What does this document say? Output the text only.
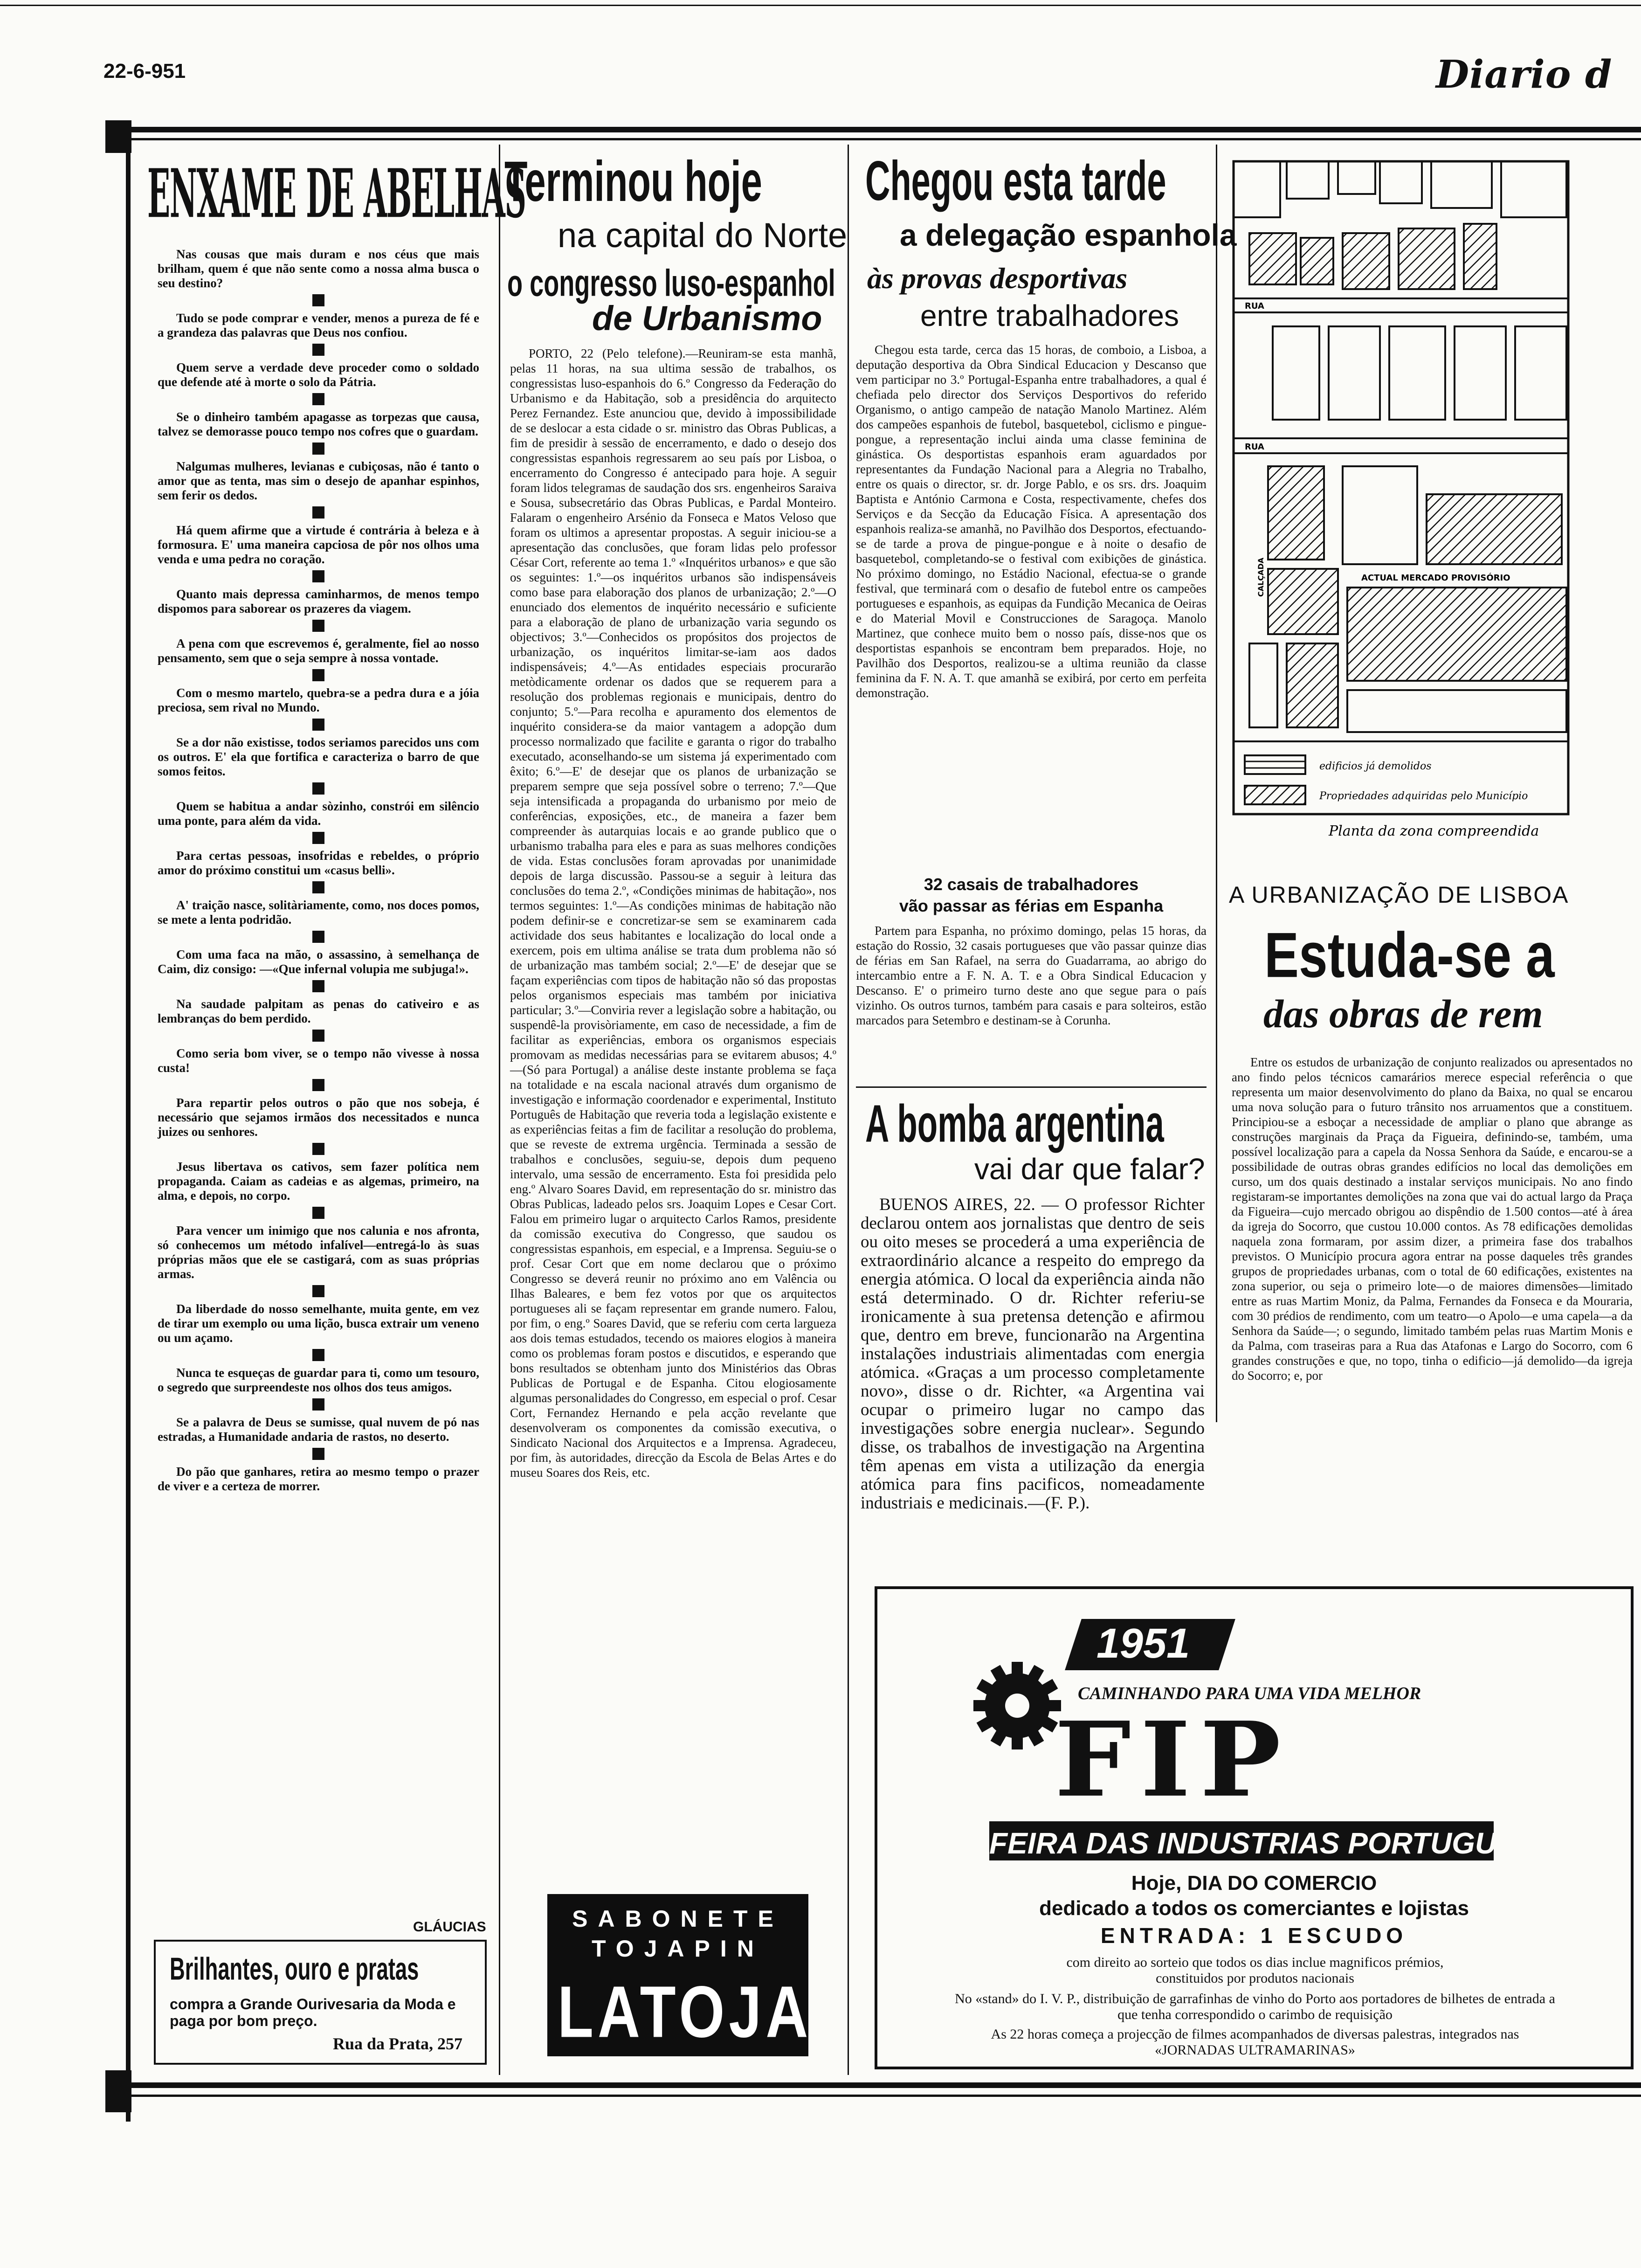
22-6-951	Diario d
ENXAME DE ABELHAS

Nas cousas que mais duram e nos céus que mais brilham, quem é que não sente como a nossa alma busca o seu destino?

Tudo se pode comprar e vender, menos a pureza de fé e a grandeza das palavras que Deus nos confiou.

Quem serve a verdade deve proceder como o soldado que defende até à morte o solo da Pátria.

Se o dinheiro também apagasse as torpezas que causa, talvez se demorasse pouco tempo nos cofres que o guardam.

Nalgumas mulheres, levianas e cubiçosas, não é tanto o amor que as tenta, mas sim o desejo de apanhar espinhos, sem ferir os dedos.

Há quem afirme que a virtude é contrária à beleza e à formosura. E' uma maneira capciosa de pôr nos olhos uma venda e uma pedra no coração.

Quanto mais depressa caminharmos, de menos tempo dispomos para saborear os prazeres da viagem.

A pena com que escrevemos é, geralmente, fiel ao nosso pensamento, sem que o seja sempre à nossa vontade.

Com o mesmo martelo, quebra-se a pedra dura e a jóia preciosa, sem rival no Mundo.

Se a dor não existisse, todos seriamos parecidos uns com os outros. E' ela que fortifica e caracteriza o barro de que somos feitos.

Quem se habitua a andar sòzinho, constrói em silêncio uma ponte, para além da vida.

Para certas pessoas, insofridas e rebeldes, o próprio amor do próximo constitui um «casus belli».

A' traição nasce, solitàriamente, como, nos doces pomos, se mete a lenta podridão.

Com uma faca na mão, o assassino, à semelhança de Caim, diz consigo: —«Que infernal volupia me subjuga!».

Na saudade palpitam as penas do cativeiro e as lembranças do bem perdido.

Como seria bom viver, se o tempo não vivesse à nossa custa!

Para repartir pelos outros o pão que nos sobeja, é necessário que sejamos irmãos dos necessitados e nunca juizes ou senhores.

Jesus libertava os cativos, sem fazer política nem propaganda. Caiam as cadeias e as algemas, primeiro, na alma, e depois, no corpo.

Para vencer um inimigo que nos calunia e nos afronta, só conhecemos um método infalível—entregá-lo às suas próprias mãos que ele se castigará, com as suas próprias armas.

Da liberdade do nosso semelhante, muita gente, em vez de tirar um exemplo ou uma lição, busca extrair um veneno ou um açamo.

Nunca te esqueças de guardar para ti, como um tesouro, o segredo que surpreendeste nos olhos dos teus amigos.

Se a palavra de Deus se sumisse, qual nuvem de pó nas estradas, a Humanidade andaria de rastos, no deserto.

Do pão que ganhares, retira ao mesmo tempo o prazer de viver e a certeza de morrer.

GLÁUCIAS
Brilhantes, ouro e pratas
compra a Grande Ourivesaria da Moda e paga por bom preço.
Rua da Prata, 257
Terminou hoje
na capital do Norte
o congresso luso-espanhol
de Urbanismo

PORTO, 22 (Pelo telefone).—Reuniram-se esta manhã, pelas 11 horas, na sua ultima sessão de trabalhos, os congressistas luso-espanhois do 6.º Congresso da Federação do Urbanismo e da Habitação, sob a presidência do arquitecto Perez Fernandez. Este anunciou que, devido à impossibilidade de se deslocar a esta cidade o sr. ministro das Obras Publicas, a fim de presidir à sessão de encerramento, e dado o desejo dos congressistas espanhois regressarem ao seu país por Lisboa, o encerramento do Congresso é antecipado para hoje. A seguir foram lidos telegramas de saudação dos srs. engenheiros Saraiva e Sousa, subsecretário das Obras Publicas, e Pardal Monteiro. Falaram o engenheiro Arsénio da Fonseca e Matos Veloso que foram os ultimos a apresentar propostas. A seguir iniciou-se a apresentação das conclusões, que foram lidas pelo professor César Cort, referente ao tema 1.º «Inquéritos urbanos» e que são os seguintes: 1.º—os inquéritos urbanos são indispensáveis como base para elaboração dos planos de urbanização; 2.º—O enunciado dos elementos de inquérito necessário e suficiente para a elaboração de plano de urbanização varia segundo os objectivos; 3.º—Conhecidos os propósitos dos projectos de urbanização, os inquéritos limitar-se-iam aos dados indispensáveis; 4.º—As entidades especiais procurarão metòdicamente ordenar os dados que se requerem para a resolução dos problemas regionais e municipais, dentro do conjunto; 5.º—Para recolha e apuramento dos elementos de inquérito considera-se da maior vantagem a adopção dum processo normalizado que facilite e garanta o rigor do trabalho executado, aconselhando-se um sistema já experimentado com êxito; 6.º—E' de desejar que os planos de urbanização se preparem sempre que seja possível sobre o terreno; 7.º—Que seja intensificada a propaganda do urbanismo por meio de conferências, exposições, etc., de maneira a fazer bem compreender às autarquias locais e ao grande publico que o urbanismo trabalha para eles e para as suas melhores condições de vida. Estas conclusões foram aprovadas por unanimidade depois de larga discussão. Passou-se a seguir à leitura das conclusões do tema 2.º, «Condições minimas de habitação», nos termos seguintes: 1.º—As condições minimas de habitação não podem definir-se e concretizar-se sem se examinarem cada actividade dos seus habitantes e localização do local onde a exercem, pois em ultima análise se trata dum problema não só de urbanização mas também social; 2.º—E' de desejar que se façam experiências com tipos de habitação não só das propostas pelos organismos especiais mas também por iniciativa particular; 3.º—Conviria rever a legislação sobre a habitação, ou suspendê-la provisòriamente, em caso de necessidade, a fim de facilitar as experiências, embora os organismos especiais promovam as medidas necessárias para se evitarem abusos; 4.º—(Só para Portugal) a análise deste instante problema se faça na totalidade e na escala nacional através dum organismo de investigação e informação coordenador e experimental, Instituto Português de Habitação que reveria toda a legislação existente e as experiências feitas a fim de facilitar a resolução do problema, que se reveste de extrema urgência. Terminada a sessão de trabalhos e conclusões, seguiu-se, depois dum pequeno intervalo, uma sessão de encerramento. Esta foi presidida pelo eng.º Alvaro Soares David, em representação do sr. ministro das Obras Publicas, ladeado pelos srs. Joaquim Lopes e Cesar Cort. Falou em primeiro lugar o arquitecto Carlos Ramos, presidente da comissão executiva do Congresso, que saudou os congressistas espanhois, em especial, e a Imprensa. Seguiu-se o prof. Cesar Cort que em nome declarou que o próximo Congresso se deverá reunir no próximo ano em Valência ou Ilhas Baleares, e bem fez votos por que os arquitectos portugueses ali se façam representar em grande numero. Falou, por fim, o eng.º Soares David, que se referiu com certa largueza aos dois temas estudados, tecendo os maiores elogios à maneira como os problemas foram postos e discutidos, e esperando que bons resultados se obtenham junto dos Ministérios das Obras Publicas de Portugal e de Espanha. Citou elogiosamente algumas personalidades do Congresso, em especial o prof. Cesar Cort, Fernandez Hernando e pela acção revelante que desenvolveram os componentes da comissão executiva, o Sindicato Nacional dos Arquitectos e a Imprensa. Agradeceu, por fim, às autoridades, direcção da Escola de Belas Artes e do museu Soares dos Reis, etc.

SABONETE
TOJAPIN
LATOJA
Chegou esta tarde
a delegação espanhola
às provas desportivas
entre trabalhadores

Chegou esta tarde, cerca das 15 horas, de comboio, a Lisboa, a deputação desportiva da Obra Sindical Educacion y Descanso que vem participar no 3.º Portugal-Espanha entre trabalhadores, a qual é chefiada pelo director dos Serviços Desportivos do referido Organismo, o antigo campeão de natação Manolo Martinez. Além dos campeões espanhois de futebol, basquetebol, ciclismo e pingue-pongue, a representação inclui ainda uma classe feminina de ginástica. Os desportistas espanhois eram aguardados por representantes da Fundação Nacional para a Alegria no Trabalho, entre os quais o director, sr. dr. Jorge Pablo, e os srs. drs. Joaquim Baptista e António Carmona e Costa, respectivamente, chefes dos Serviços e da Secção da Educação Física. A apresentação dos espanhois realiza-se amanhã, no Pavilhão dos Desportos, efectuando-se de tarde a prova de pingue-pongue e à noite o desafio de basquetebol, completando-se o festival com exibições de ginástica. No próximo domingo, no Estádio Nacional, efectua-se o grande festival, que terminará com o desafio de futebol entre os campeões portugueses e espanhois, as equipas da Fundição Mecanica de Oeiras e do Material Movil e Construcciones de Saragoça. Manolo Martinez, que conhece muito bem o nosso país, disse-nos que os desportistas espanhois se encontram bem preparados. Hoje, no Pavilhão dos Desportos, realizou-se a ultima reunião da classe feminina da F. N. A. T. que amanhã se exibirá, por certo em perfeita demonstração.

32 casais de trabalhadores
vão passar as férias em Espanha

Partem para Espanha, no próximo domingo, pelas 15 horas, da estação do Rossio, 32 casais portugueses que vão passar quinze dias de férias em San Rafael, na serra do Guadarrama, ao abrigo do intercambio entre a F. N. A. T. e a Obra Sindical Educacion y Descanso. E' o primeiro turno deste ano que segue para o país vizinho. Os outros turnos, também para casais e para solteiros, estão marcados para Setembro e destinam-se à Corunha.

A bomba argentina
vai dar que falar?

BUENOS AIRES, 22. — O professor Richter declarou ontem aos jornalistas que dentro de seis ou oito meses se procederá a uma experiência de extraordinário alcance a respeito do emprego da energia atómica. O local da experiência ainda não está determinado. O dr. Richter referiu-se ironicamente à sua pretensa detenção e afirmou que, dentro em breve, funcionarão na Argentina instalações industriais alimentadas com energia atómica. «Graças a um processo completamente novo», disse o dr. Richter, «a Argentina vai ocupar o primeiro lugar no campo das investigações sobre energia nuclear». Segundo disse, os trabalhos de investigação na Argentina têm apenas em vista a utilização da energia atómica para fins pacificos, nomeadamente industriais e medicinais.—(F. P.).

RUA
RUA
ACTUAL MERCADO PROVISÓRIO
CALÇADA
edificios já demolidos
Propriedades adquiridas pelo Município
Planta da zona compreendida
A URBANIZAÇÃO DE LISBOA
Estuda-se a
das obras de rem

Entre os estudos de urbanização de conjunto realizados ou apresentados no ano findo pelos técnicos camarários merece especial referência o que representa um maior desenvolvimento do plano da Baixa, no qual se encarou uma nova solução para o futuro trânsito nos arruamentos que a constituem. Principiou-se a esboçar a necessidade de ampliar o plano que abrange as construções marginais da Praça da Figueira, definindo-se, também, uma possível localização para a capela da Nossa Senhora da Saúde, e encarou-se a possibilidade de outras obras grandes edifícios no local das demolições em curso, um dos quais destinado a instalar serviços municipais. No ano findo registaram-se importantes demolições na zona que vai do actual largo da Praça da Figueira—cujo mercado obrigou ao dispêndio de 1.500 contos—até à área da igreja do Socorro, que custou 10.000 contos. As 78 edificações demolidas naquela zona formaram, por assim dizer, a primeira fase dos trabalhos previstos. O Município procura agora entrar na posse daqueles três grandes grupos de propriedades urbanas, com o total de 60 edificações, existentes na zona superior, ou seja o primeiro lote—o de maiores dimensões—limitado entre as ruas Martim Moniz, da Palma, Fernandes da Fonseca e da Mouraria, com 30 prédios de rendimento, com um teatro—o Apolo—e uma capela—a da Senhora da Saúde—; o segundo, limitado também pelas ruas Martim Monis e da Palma, com traseiras para a Rua das Atafonas e Largo do Socorro, com 6 grandes construções e que, no topo, tinha o edificio—já demolido—da igreja do Socorro; e, por

1951
CAMINHANDO PARA UMA VIDA MELHOR
FIP
FEIRA DAS INDUSTRIAS PORTUGUESAS
Hoje, DIA DO COMERCIO
dedicado a todos os comerciantes e lojistas
ENTRADA: 1 ESCUDO
com direito ao sorteio que todos os dias inclue magnificos prémios, constituidos por produtos nacionais
No «stand» do I. V. P., distribuição de garrafinhas de vinho do Porto aos portadores de bilhetes de entrada a que tenha correspondido o carimbo de requisição
As 22 horas começa a projecção de filmes acompanhados de diversas palestras, integrados nas «JORNADAS ULTRAMARINAS»
